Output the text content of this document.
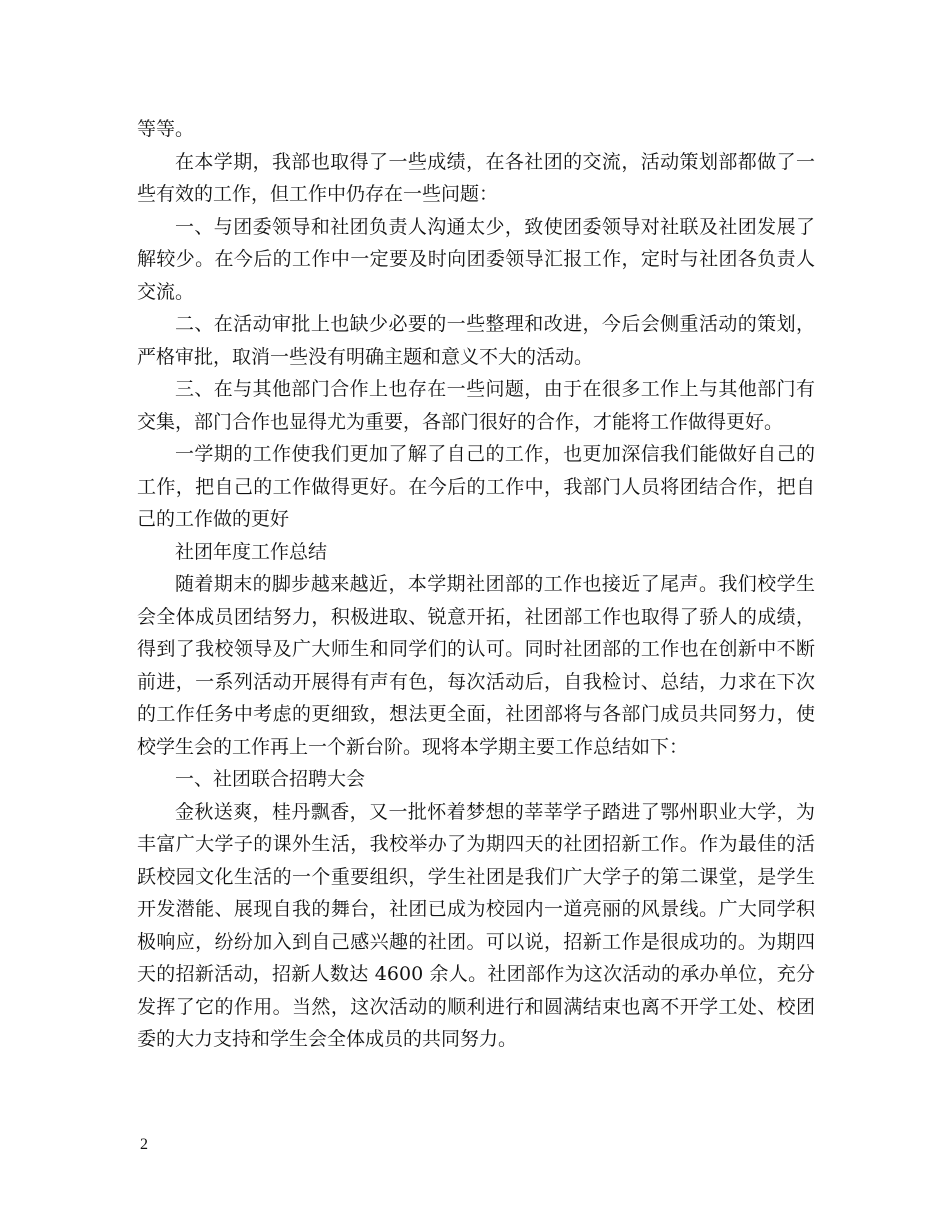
等等。

在本学期，我部也取得了一些成绩，在各社团的交流，活动策划部都做了一些有效的工作，但工作中仍存在一些问题：

一、与团委领导和社团负责人沟通太少，致使团委领导对社联及社团发展了解较少。在今后的工作中一定要及时向团委领导汇报工作，定时与社团各负责人交流。

二、在活动审批上也缺少必要的一些整理和改进，今后会侧重活动的策划，严格审批，取消一些没有明确主题和意义不大的活动。

三、在与其他部门合作上也存在一些问题，由于在很多工作上与其他部门有交集，部门合作也显得尤为重要，各部门很好的合作，才能将工作做得更好。

一学期的工作使我们更加了解了自己的工作，也更加深信我们能做好自己的工作，把自己的工作做得更好。在今后的工作中，我部门人员将团结合作，把自己的工作做的更好

社团年度工作总结

随着期末的脚步越来越近，本学期社团部的工作也接近了尾声。我们校学生会全体成员团结努力，积极进取、锐意开拓，社团部工作也取得了骄人的成绩，得到了我校领导及广大师生和同学们的认可。同时社团部的工作也在创新中不断前进，一系列活动开展得有声有色，每次活动后，自我检讨、总结，力求在下次的工作任务中考虑的更细致，想法更全面，社团部将与各部门成员共同努力，使校学生会的工作再上一个新台阶。现将本学期主要工作总结如下：

一、社团联合招聘大会

金秋送爽，桂丹飘香，又一批怀着梦想的莘莘学子踏进了鄂州职业大学，为丰富广大学子的课外生活，我校举办了为期四天的社团招新工作。作为最佳的活跃校园文化生活的一个重要组织，学生社团是我们广大学子的第二课堂，是学生开发潜能、展现自我的舞台，社团已成为校园内一道亮丽的风景线。广大同学积极响应，纷纷加入到自己感兴趣的社团。可以说，招新工作是很成功的。为期四天的招新活动，招新人数达 4600 余人。社团部作为这次活动的承办单位，充分发挥了它的作用。当然，这次活动的顺利进行和圆满结束也离不开学工处、校团委的大力支持和学生会全体成员的共同努力。

2
